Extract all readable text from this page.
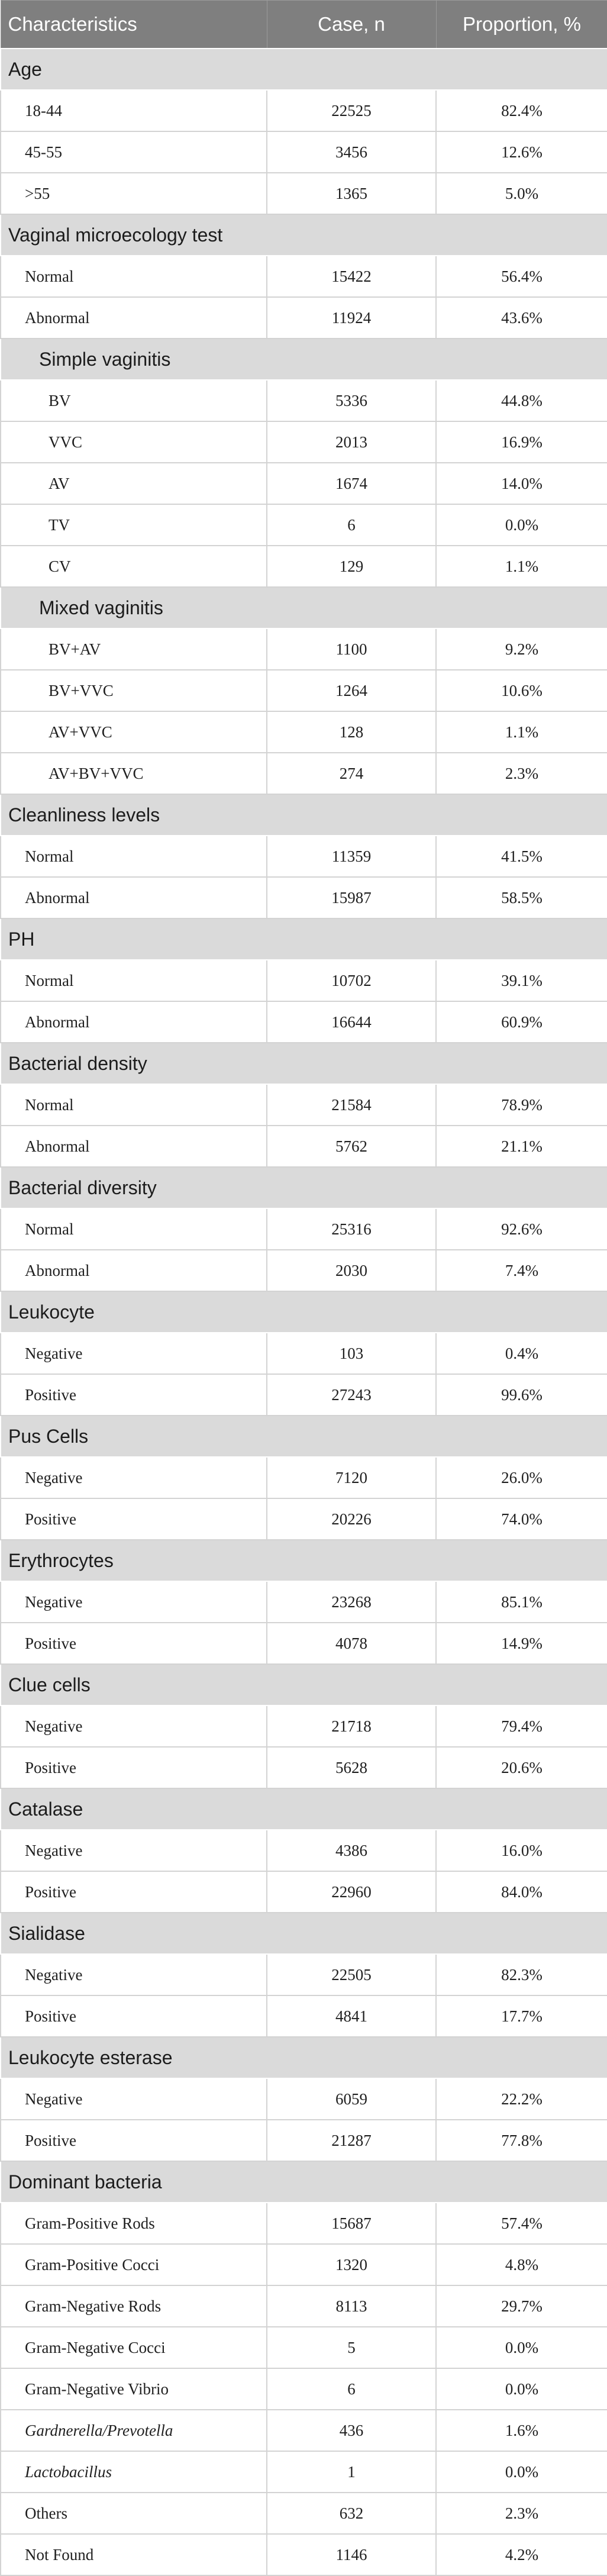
Characteristics	Case, n	Proportion, %
Age		
18-44	22525	82.4%
45-55	3456	12.6%
>55	1365	5.0%
Vaginal microecology test		
Normal	15422	56.4%
Abnormal	11924	43.6%
Simple vaginitis		
BV	5336	44.8%
VVC	2013	16.9%
AV	1674	14.0%
TV	6	0.0%
CV	129	1.1%
Mixed vaginitis		
BV+AV	1100	9.2%
BV+VVC	1264	10.6%
AV+VVC	128	1.1%
AV+BV+VVC	274	2.3%
Cleanliness levels		
Normal	11359	41.5%
Abnormal	15987	58.5%
PH		
Normal	10702	39.1%
Abnormal	16644	60.9%
Bacterial density		
Normal	21584	78.9%
Abnormal	5762	21.1%
Bacterial diversity		
Normal	25316	92.6%
Abnormal	2030	7.4%
Leukocyte		
Negative	103	0.4%
Positive	27243	99.6%
Pus Cells		
Negative	7120	26.0%
Positive	20226	74.0%
Erythrocytes		
Negative	23268	85.1%
Positive	4078	14.9%
Clue cells		
Negative	21718	79.4%
Positive	5628	20.6%
Catalase		
Negative	4386	16.0%
Positive	22960	84.0%
Sialidase		
Negative	22505	82.3%
Positive	4841	17.7%
Leukocyte esterase		
Negative	6059	22.2%
Positive	21287	77.8%
Dominant bacteria		
Gram-Positive Rods	15687	57.4%
Gram-Positive Cocci	1320	4.8%
Gram-Negative Rods	8113	29.7%
Gram-Negative Cocci	5	0.0%
Gram-Negative Vibrio	6	0.0%
Gardnerella/Prevotella	436	1.6%
Lactobacillus	1	0.0%
Others	632	2.3%
Not Found	1146	4.2%
